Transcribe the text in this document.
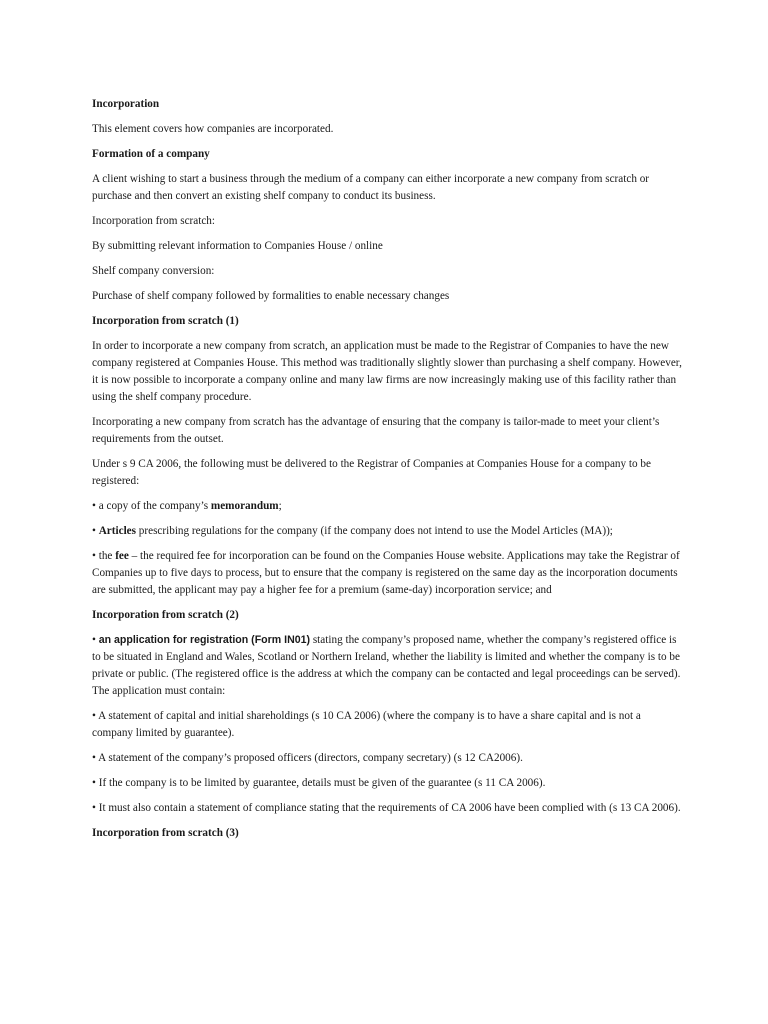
Incorporation

This element covers how companies are incorporated.

Formation of a company

A client wishing to start a business through the medium of a company can either incorporate a new company from scratch or purchase and then convert an existing shelf company to conduct its business.

Incorporation from scratch:

By submitting relevant information to Companies House / online

Shelf company conversion:

Purchase of shelf company followed by formalities to enable necessary changes

Incorporation from scratch (1)

In order to incorporate a new company from scratch, an application must be made to the Registrar of Companies to have the new company registered at Companies House. This method was traditionally slightly slower than purchasing a shelf company. However, it is now possible to incorporate a company online and many law firms are now increasingly making use of this facility rather than using the shelf company procedure.

Incorporating a new company from scratch has the advantage of ensuring that the company is tailor-made to meet your client’s requirements from the outset.

Under s 9 CA 2006, the following must be delivered to the Registrar of Companies at Companies House for a company to be registered:

• a copy of the company’s memorandum;

• Articles prescribing regulations for the company (if the company does not intend to use the Model Articles (MA));

• the fee – the required fee for incorporation can be found on the Companies House website. Applications may take the Registrar of Companies up to five days to process, but to ensure that the company is registered on the same day as the incorporation documents are submitted, the applicant may pay a higher fee for a premium (same-day) incorporation service; and

Incorporation from scratch (2)

• an application for registration (Form IN01) stating the company’s proposed name, whether the company’s registered office is to be situated in England and Wales, Scotland or Northern Ireland, whether the liability is limited and whether the company is to be private or public. (The registered office is the address at which the company can be contacted and legal proceedings can be served). The application must contain:

• A statement of capital and initial shareholdings (s 10 CA 2006) (where the company is to have a share capital and is not a company limited by guarantee).

• A statement of the company’s proposed officers (directors, company secretary) (s 12 CA2006).

• If the company is to be limited by guarantee, details must be given of the guarantee (s 11 CA 2006).

• It must also contain a statement of compliance stating that the requirements of CA 2006 have been complied with (s 13 CA 2006).

Incorporation from scratch (3)
